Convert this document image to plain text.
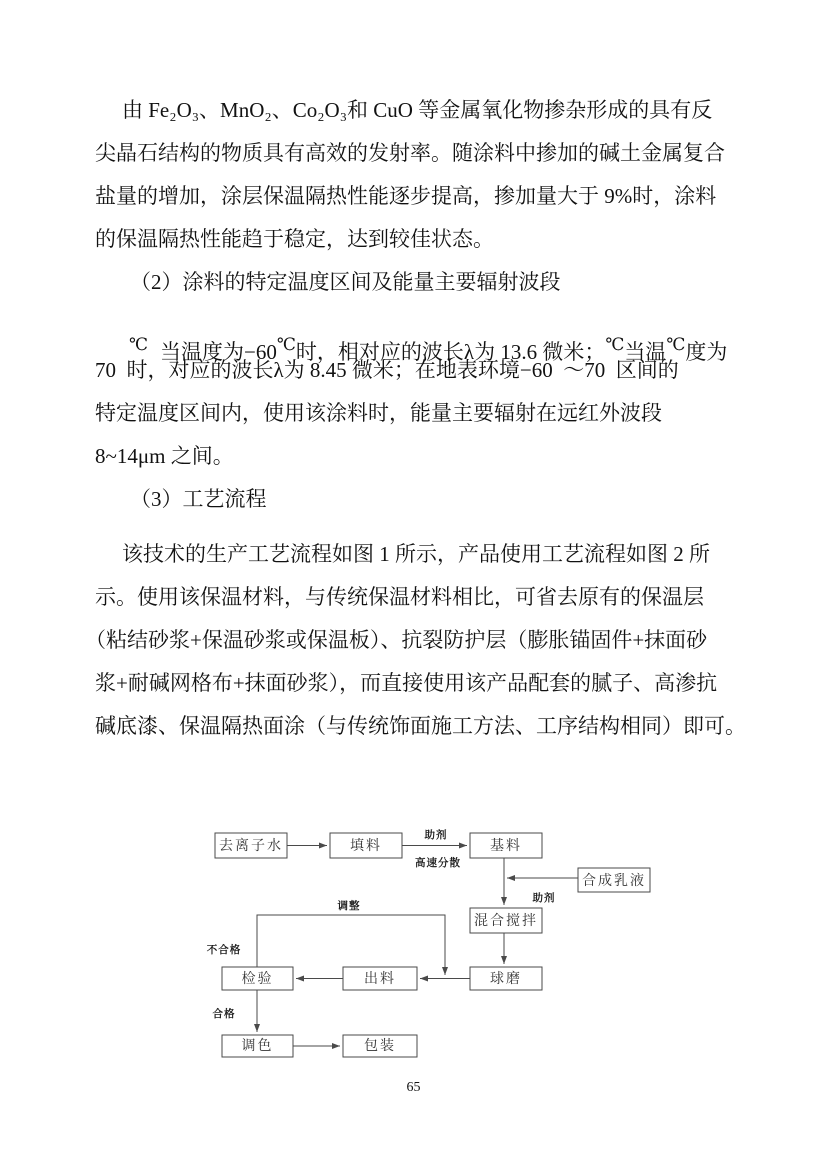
由 Fe₂O₃、MnO₂、Co₂O₃和 CuO 等金属氧化物掺杂形成的具有反
尖晶石结构的物质具有高效的发射率。随涂料中掺加的碱土金属复合
盐量的增加，涂层保温隔热性能逐步提高，掺加量大于 9%时，涂料
的保温隔热性能趋于稳定，达到较佳状态。
（2）涂料的特定温度区间及能量主要辐射波段

℃ 当温度为−60℃时，相对应的波长λ为 13.6 微米；℃当温℃度为

70  时，对应的波长λ为 8.45 微米；在地表环境−60  ～70  区间的
特定温度区间内，使用该涂料时，能量主要辐射在远红外波段
8~14μm 之间。
（3）工艺流程
该技术的生产工艺流程如图 1 所示，产品使用工艺流程如图 2 所
示。使用该保温材料，与传统保温材料相比，可省去原有的保温层
（粘结砂浆+保温砂浆或保温板）、抗裂防护层（膨胀锚固件+抹面砂
浆+耐碱网格布+抹面砂浆），而直接使用该产品配套的腻子、高渗抗
碱底漆、保温隔热面涂（与传统饰面施工方法、工序结构相同）即可。
去离子水	填料	基料
合成乳液
混合搅拌
球磨
出料
检验
调色	包装
助剂
高速分散
助剂
调整
不合格
合格
65
